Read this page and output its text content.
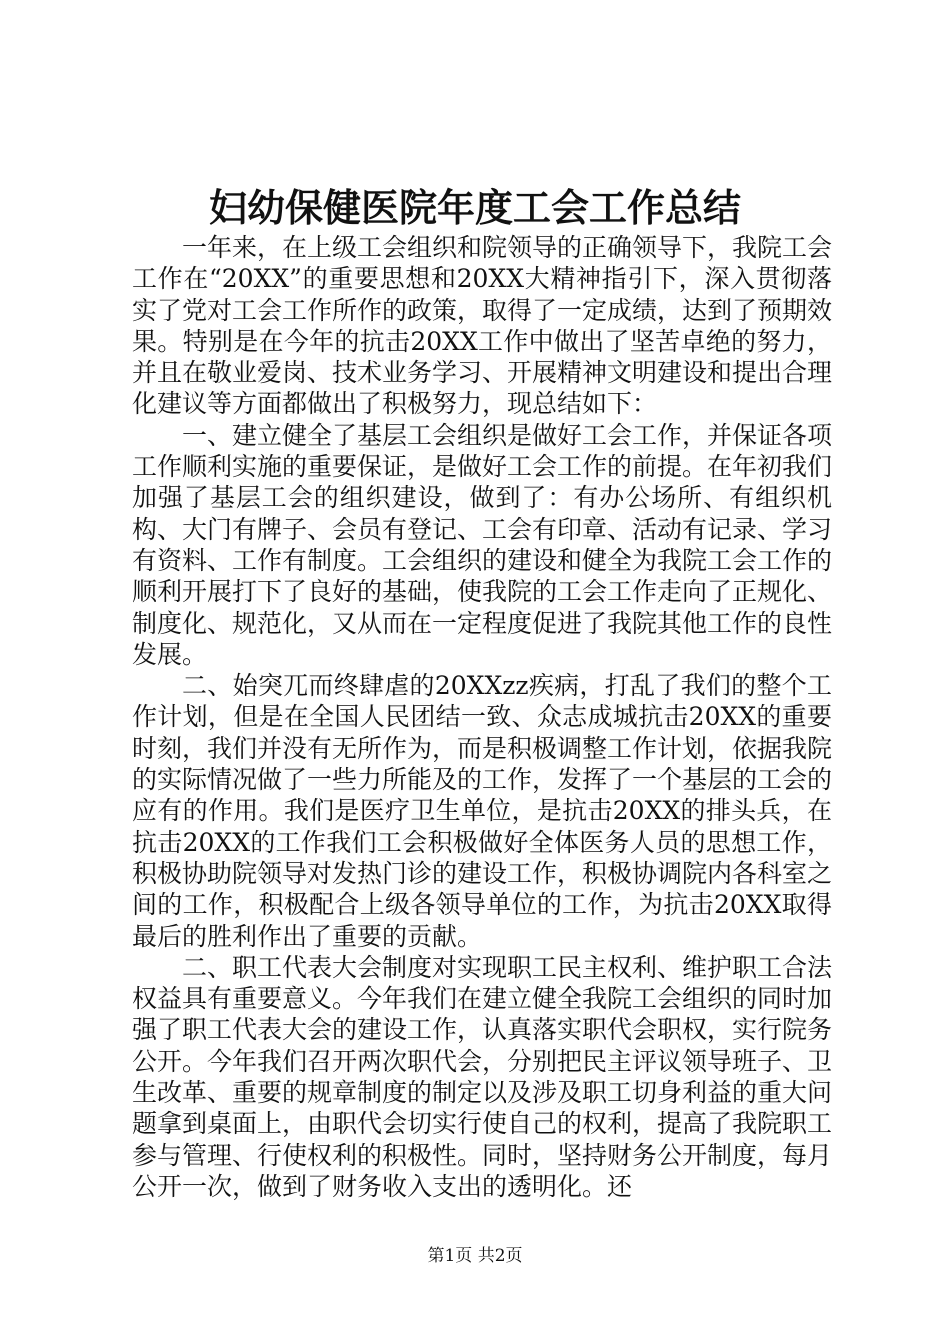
妇幼保健医院年度工会工作总结

一年来，在上级工会组织和院领导的正确领导下，我院工会工作在“20XX”的重要思想和20XX大精神指引下，深入贯彻落实了党对工会工作所作的政策，取得了一定成绩，达到了预期效果。特别是在今年的抗击20XX工作中做出了坚苦卓绝的努力，并且在敬业爱岗、技术业务学习、开展精神文明建设和提出合理化建议等方面都做出了积极努力，现总结如下：

一、建立健全了基层工会组织是做好工会工作，并保证各项工作顺利实施的重要保证，是做好工会工作的前提。在年初我们加强了基层工会的组织建设，做到了：有办公场所、有组织机构、大门有牌子、会员有登记、工会有印章、活动有记录、学习有资料、工作有制度。工会组织的建设和健全为我院工会工作的顺利开展打下了良好的基础，使我院的工会工作走向了正规化、制度化、规范化，又从而在一定程度促进了我院其他工作的良性发展。

二、始突兀而终肆虐的20XXzz疾病，打乱了我们的整个工作计划，但是在全国人民团结一致、众志成城抗击20XX的重要时刻，我们并没有无所作为，而是积极调整工作计划，依据我院的实际情况做了一些力所能及的工作，发挥了一个基层的工会的应有的作用。我们是医疗卫生单位，是抗击20XX的排头兵，在抗击20XX的工作我们工会积极做好全体医务人员的思想工作，积极协助院领导对发热门诊的建设工作，积极协调院内各科室之间的工作，积极配合上级各领导单位的工作，为抗击20XX取得最后的胜利作出了重要的贡献。

二、职工代表大会制度对实现职工民主权利、维护职工合法权益具有重要意义。今年我们在建立健全我院工会组织的同时加强了职工代表大会的建设工作，认真落实职代会职权，实行院务公开。今年我们召开两次职代会，分别把民主评议领导班子、卫生改革、重要的规章制度的制定以及涉及职工切身利益的重大问题拿到桌面上，由职代会切实行使自己的权利，提高了我院职工参与管理、行使权利的积极性。同时，坚持财务公开制度，每月公开一次，做到了财务收入支出的透明化。还

第1页 共2页
